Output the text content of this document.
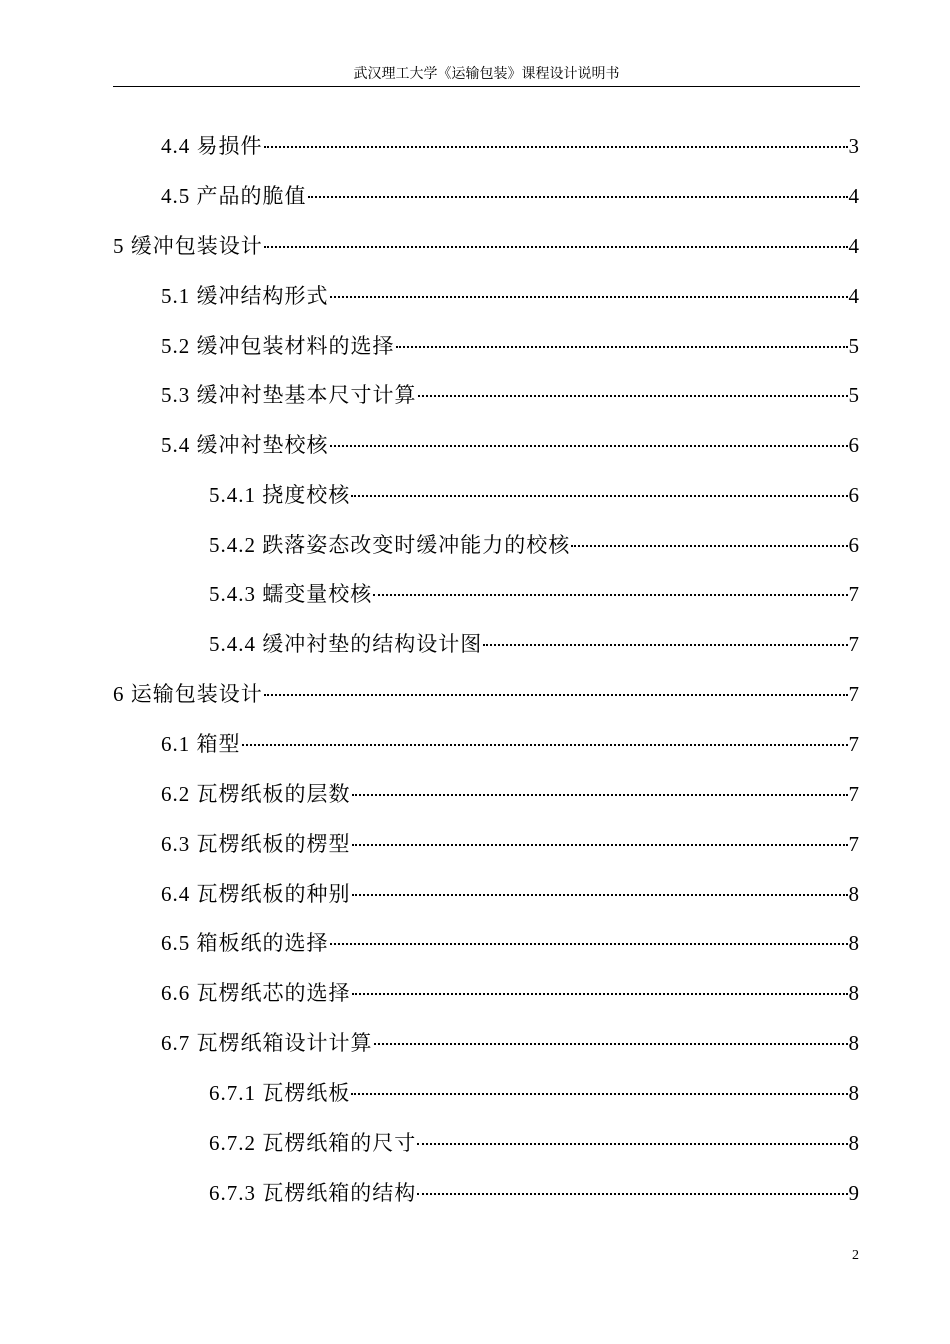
武汉理工大学《运输包装》课程设计说明书
4.4 易损件	3
4.5 产品的脆值	4
5 缓冲包装设计	4
5.1 缓冲结构形式	4
5.2 缓冲包装材料的选择	5
5.3 缓冲衬垫基本尺寸计算	5
5.4 缓冲衬垫校核	6
5.4.1 挠度校核	6
5.4.2 跌落姿态改变时缓冲能力的校核	6
5.4.3 蠕变量校核	7
5.4.4 缓冲衬垫的结构设计图	7
6 运输包装设计	7
6.1 箱型	7
6.2 瓦楞纸板的层数	7
6.3 瓦楞纸板的楞型	7
6.4 瓦楞纸板的种别	8
6.5 箱板纸的选择	8
6.6 瓦楞纸芯的选择	8
6.7 瓦楞纸箱设计计算	8
6.7.1 瓦楞纸板	8
6.7.2 瓦楞纸箱的尺寸	8
6.7.3 瓦楞纸箱的结构	9
2
